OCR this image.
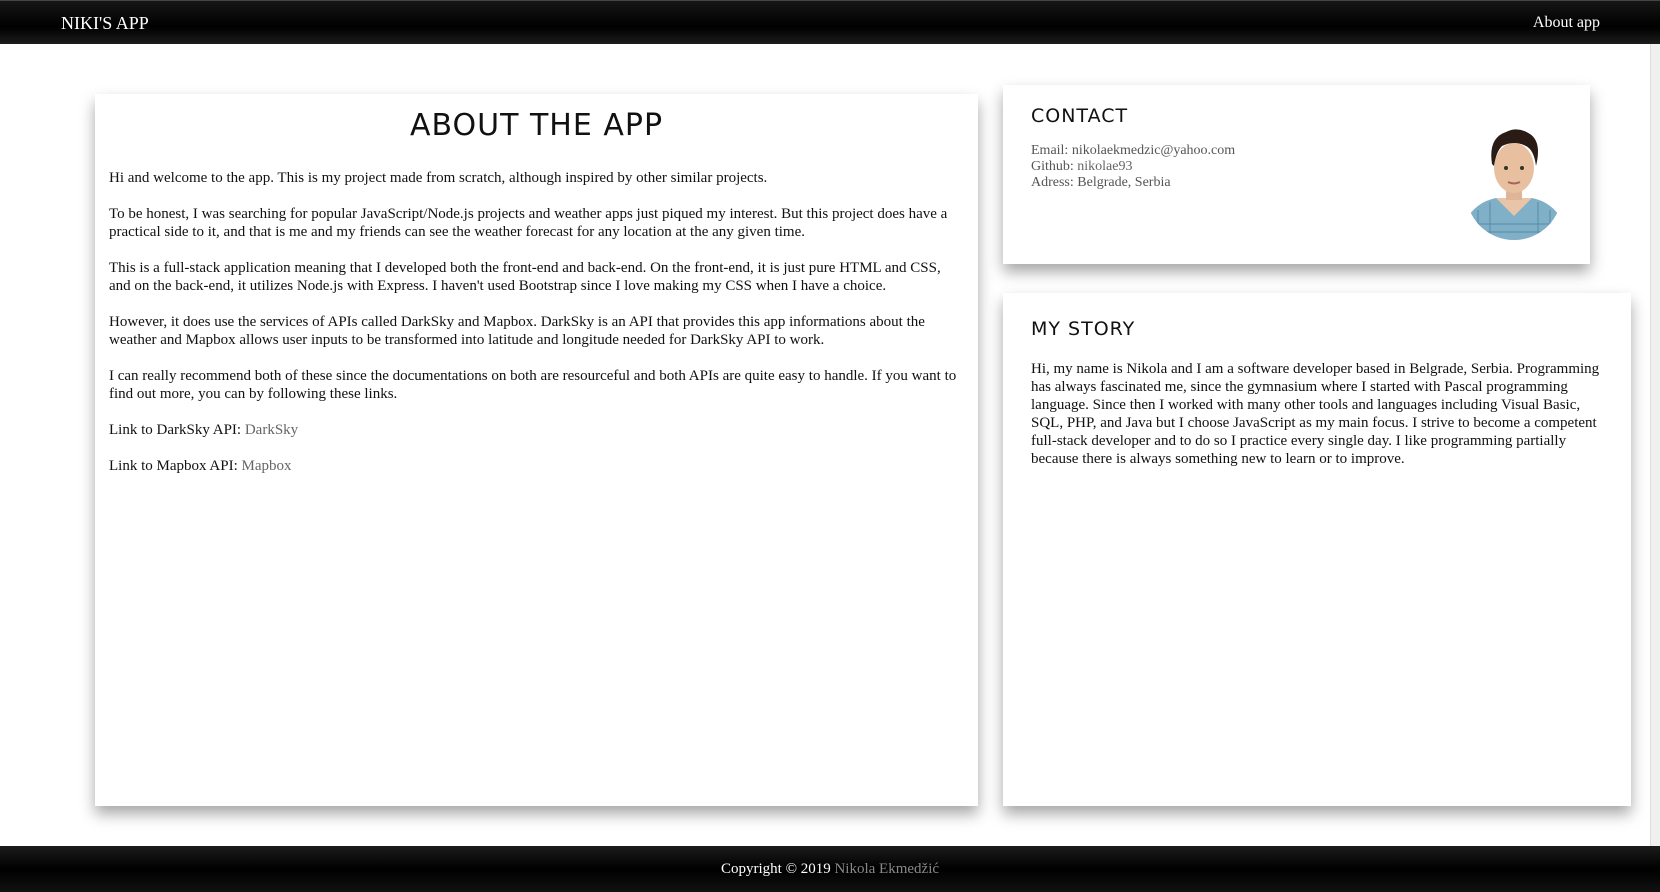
NIKI'S APP	About app
ABOUT THE APP

Hi and welcome to the app. This is my project made from scratch, although inspired by other similar projects.

To be honest, I was searching for popular JavaScript/Node.js projects and weather apps just piqued my interest. But this project does have a practical side to it, and that is me and my friends can see the weather forecast for any location at the any given time.

This is a full-stack application meaning that I developed both the front-end and back-end. On the front-end, it is just pure HTML and CSS, and on the back-end, it utilizes Node.js with Express. I haven't used Bootstrap since I love making my CSS when I have a choice.

However, it does use the services of APIs called DarkSky and Mapbox. DarkSky is an API that provides this app informations about the weather and Mapbox allows user inputs to be transformed into latitude and longitude needed for DarkSky API to work.

I can really recommend both of these since the documentations on both are resourceful and both APIs are quite easy to handle. If you want to find out more, you can by following these links.

Link to DarkSky API: DarkSky

Link to Mapbox API: Mapbox

CONTACT
Email: nikolaekmedzic@yahoo.com
Github: nikolae93
Adress: Belgrade, Serbia
MY STORY

Hi, my name is Nikola and I am a software developer based in Belgrade, Serbia. Programming has always fascinated me, since the gymnasium where I started with Pascal programming language. Since then I worked with many other tools and languages including Visual Basic, SQL, PHP, and Java but I choose JavaScript as my main focus. I strive to become a competent full-stack developer and to do so I practice every single day. I like programming partially because there is always something new to learn or to improve.

Copyright © 2019 Nikola Ekmedžić
